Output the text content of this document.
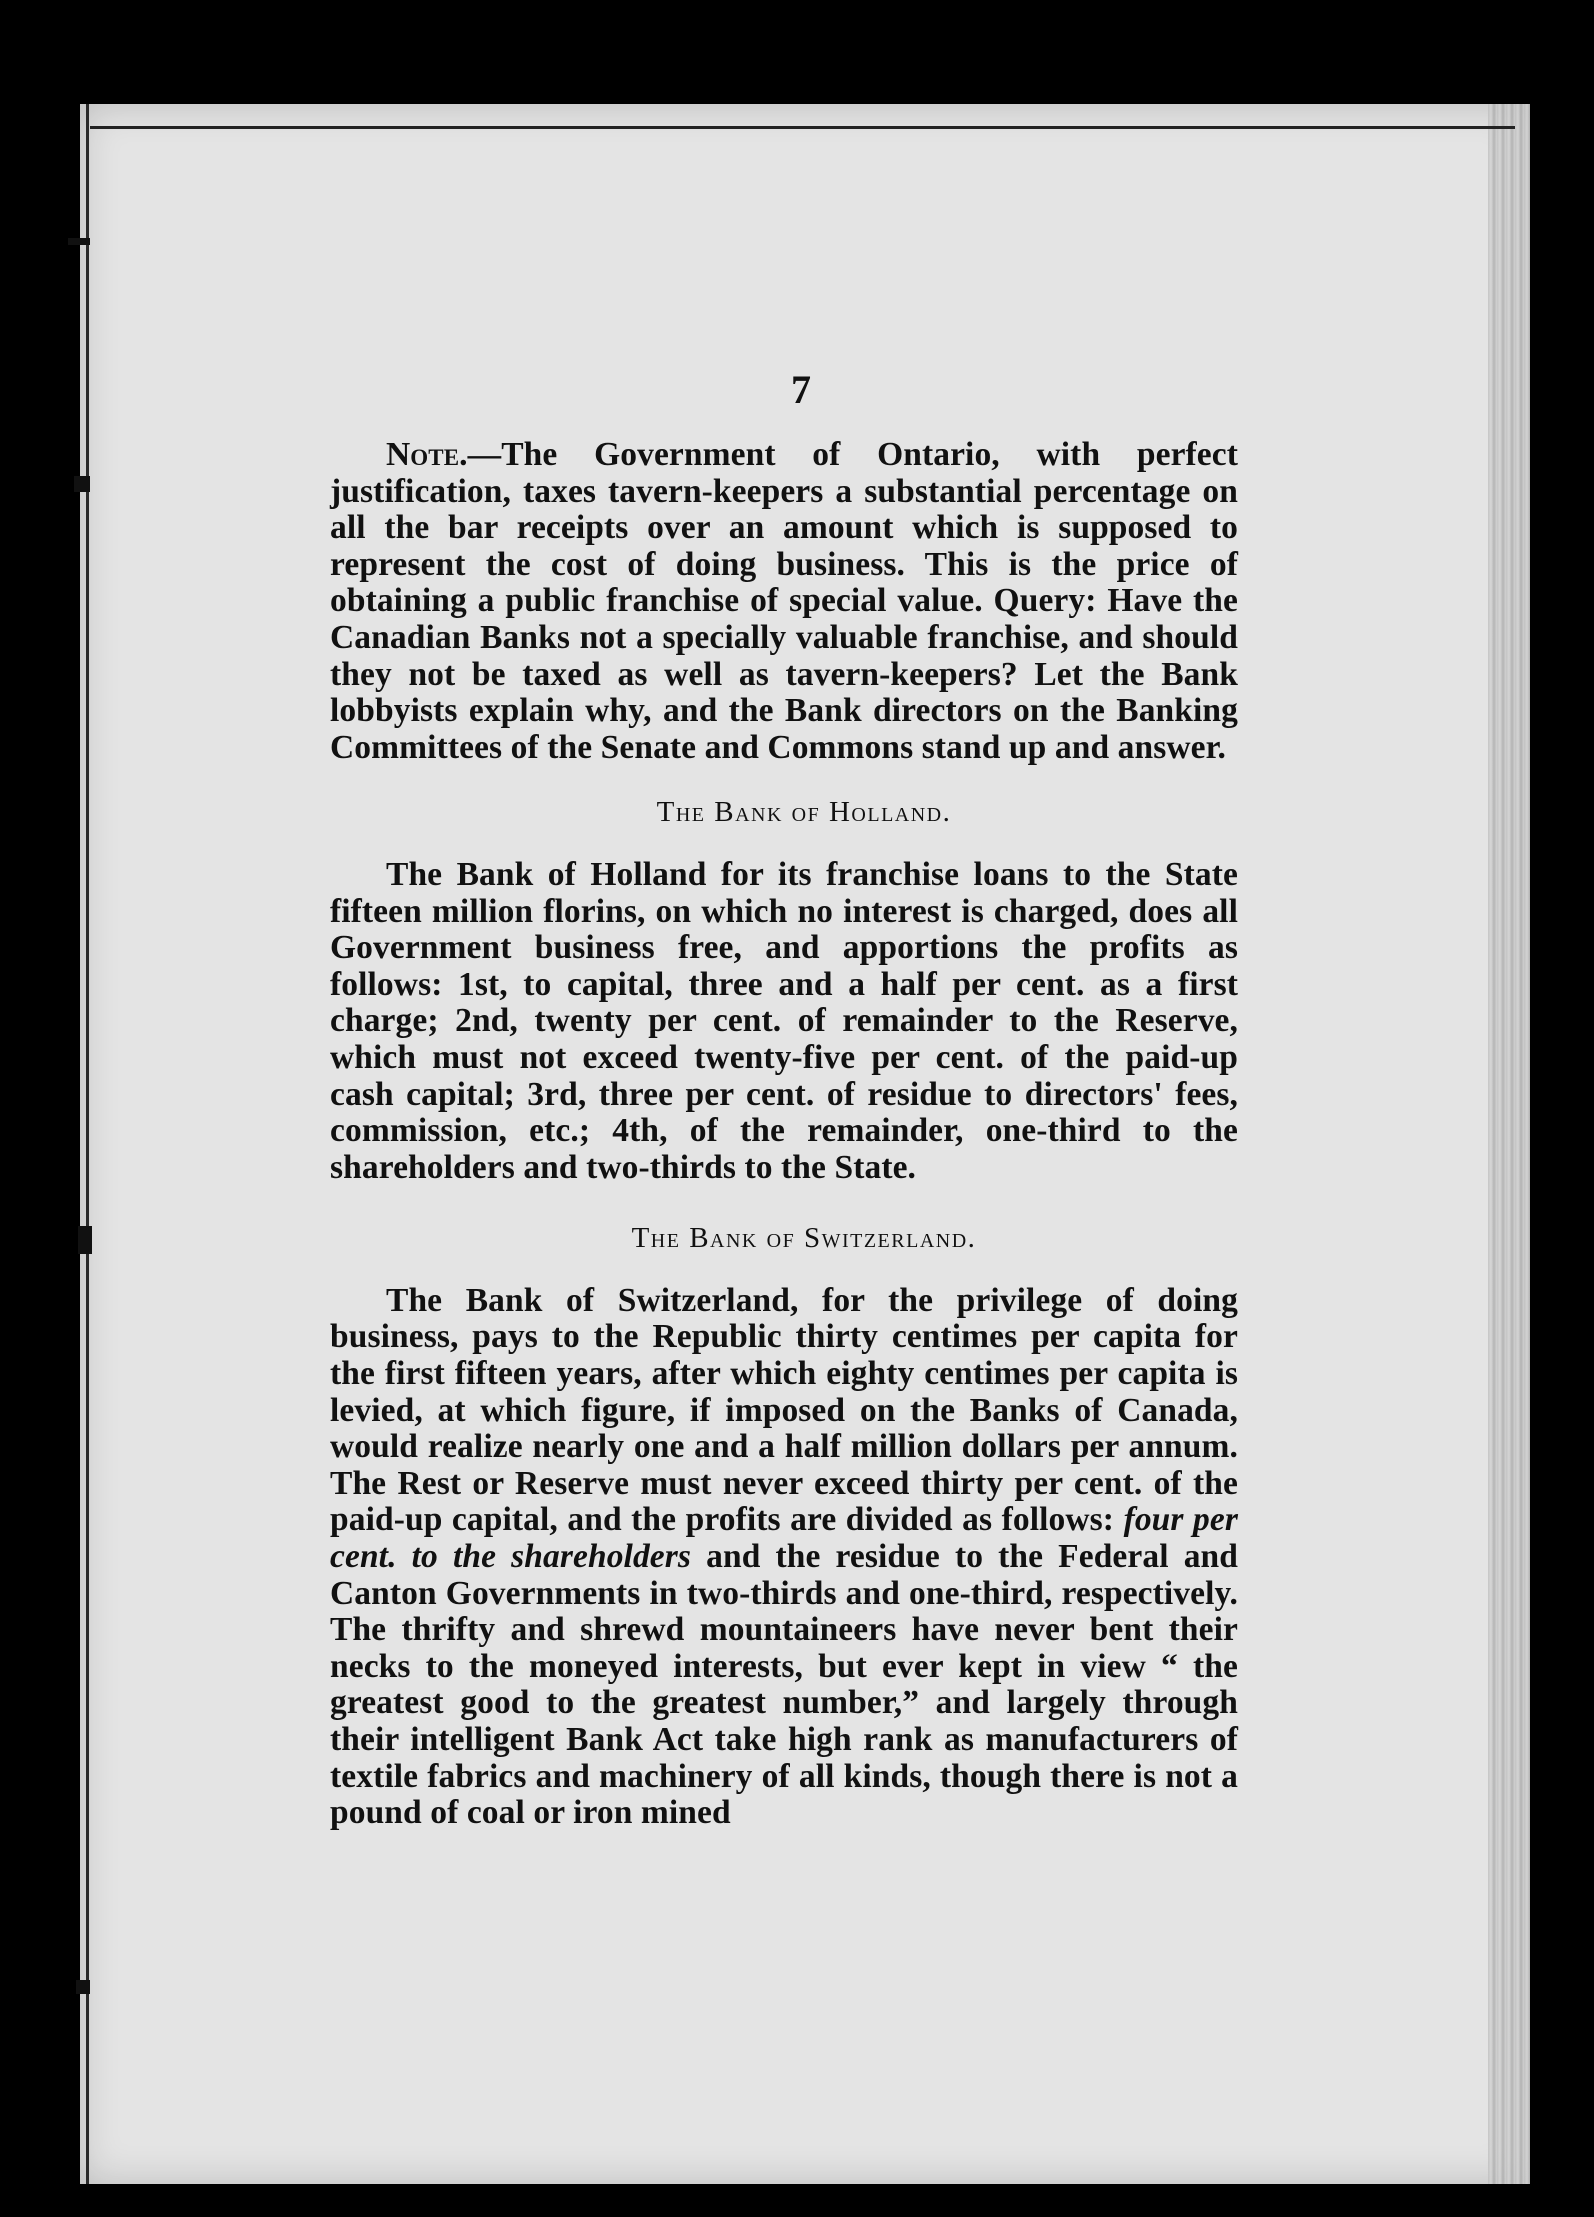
7

Note.—The Government of Ontario, with perfect justification, taxes tavern-keepers a substantial percentage on all the bar receipts over an amount which is supposed to represent the cost of doing business. This is the price of obtaining a public franchise of special value. Query: Have the Canadian Banks not a specially valuable franchise, and should they not be taxed as well as tavern-keepers? Let the Bank lobbyists explain why, and the Bank directors on the Banking Committees of the Senate and Commons stand up and answer.

The Bank of Holland.

The Bank of Holland for its franchise loans to the State fifteen million florins, on which no interest is charged, does all Government business free, and apportions the profits as follows: 1st, to capital, three and a half per cent. as a first charge; 2nd, twenty per cent. of remainder to the Reserve, which must not exceed twenty-five per cent. of the paid-up cash capital; 3rd, three per cent. of residue to directors' fees, commission, etc.; 4th, of the remainder, one-third to the shareholders and two-thirds to the State.

The Bank of Switzerland.

The Bank of Switzerland, for the privilege of doing business, pays to the Republic thirty centimes per capita for the first fifteen years, after which eighty centimes per capita is levied, at which figure, if imposed on the Banks of Canada, would realize nearly one and a half million dollars per annum. The Rest or Reserve must never exceed thirty per cent. of the paid-up capital, and the profits are divided as follows: four per cent. to the shareholders and the residue to the Federal and Canton Governments in two-thirds and one-third, respectively. The thrifty and shrewd mountaineers have never bent their necks to the moneyed interests, but ever kept in view “ the greatest good to the greatest number,” and largely through their intelligent Bank Act take high rank as manufacturers of textile fabrics and machinery of all kinds, though there is not a pound of coal or iron mined
